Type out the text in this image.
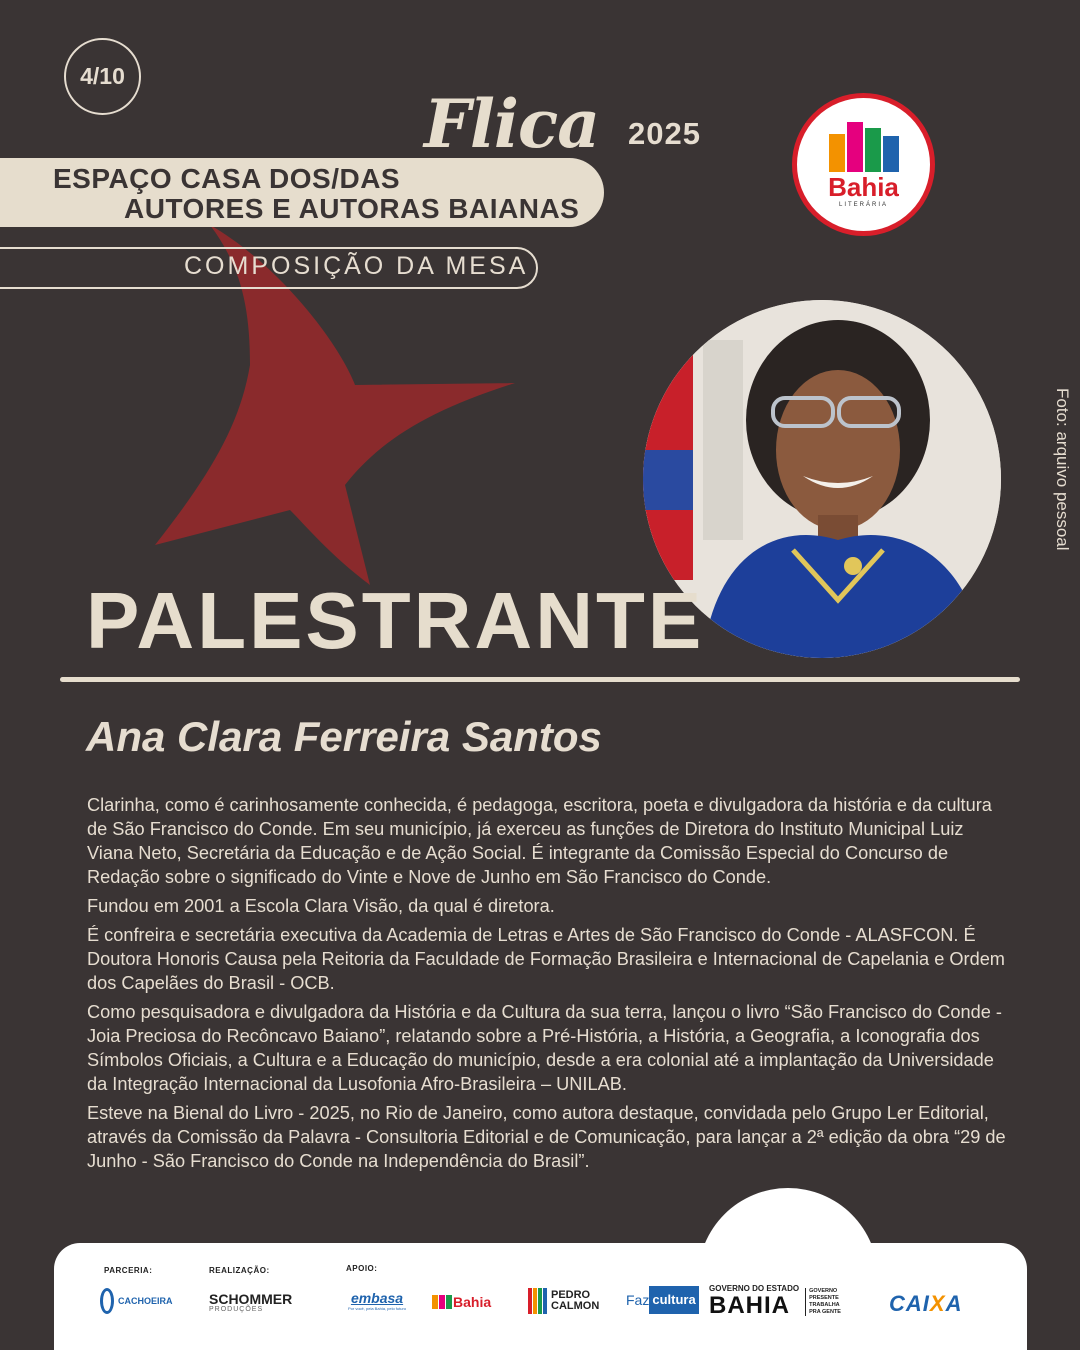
4/10
ESPAÇO CASA DOS/DAS
AUTORES E AUTORAS BAIANAS
Flica 2025
COMPOSIÇÃO DA MESA
Bahia
LITERÁRIA
Foto: arquivo pessoal
PALESTRANTE
Ana Clara Ferreira Santos

Clarinha, como é carinhosamente conhecida, é pedagoga, escritora, poeta e divulgadora da história e da cultura de São Francisco do Conde. Em seu município, já exerceu as funções de Diretora do Instituto Municipal Luiz Viana Neto, Secretária da Educação e de Ação Social. É integrante da Comissão Especial do Concurso de Redação sobre o significado do Vinte e Nove de Junho em São Francisco do Conde.

Fundou em 2001 a Escola Clara Visão, da qual é diretora.

É confreira e secretária executiva da Academia de Letras e Artes de São Francisco do Conde - ALASFCON. É Doutora Honoris Causa pela Reitoria da Faculdade de Formação Brasileira e Internacional de Capelania e Ordem dos Capelães do Brasil - OCB.

Como pesquisadora e divulgadora da História e da Cultura da sua terra, lançou o livro “São Francisco do Conde - Joia Preciosa do Recôncavo Baiano”, relatando sobre a Pré-História, a História, a Geografia, a Iconografia dos Símbolos Oficiais, a Cultura e a Educação do município, desde a era colonial até a implantação da Universidade da Integração Internacional da Lusofonia Afro-Brasileira – UNILAB.

Esteve na Bienal do Livro - 2025, no Rio de Janeiro, como autora destaque, convidada pelo Grupo Ler Editorial, através da Comissão da Palavra - Consultoria Editorial e de Comunicação, para lançar a 2ª edição da obra “29 de Junho - São Francisco do Conde na Independência do Brasil”.

PARCERIA:	REALIZAÇÃO:	APOIO:
CACHOEIRA	SCHOMMER
PRODUÇÕES
embasa
Por você, pela Bahia, pelo futuro	Bahia	PEDRO
CALMON Faz cultura
GOVERNO DO ESTADO
BAHIA
GOVERNO
PRESENTE
TRABALHA
PRA GENTE CAI X A
